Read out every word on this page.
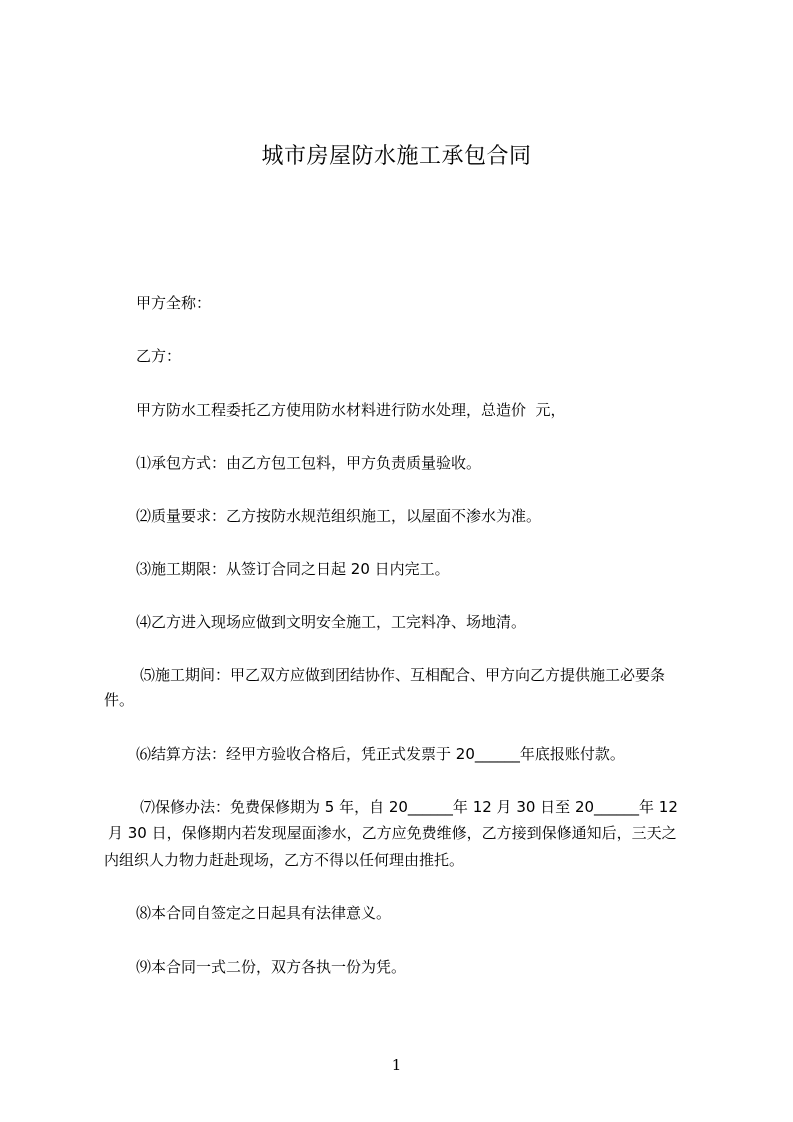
城市房屋防水施工承包合同
甲方全称：
乙方：
甲方防水工程委托乙方使用防水材料进行防水处理，总造价  元，
⑴承包方式：由乙方包工包料，甲方负责质量验收。
⑵质量要求：乙方按防水规范组织施工，以屋面不渗水为准。
⑶施工期限：从签订合同之日起 20 日内完工。
⑷乙方进入现场应做到文明安全施工，工完料净、场地清。
⑸施工期间：甲乙双方应做到团结协作、互相配合、甲方向乙方提供施工必要条
件。
⑹结算方法：经甲方验收合格后，凭正式发票于 20______年底报账付款。
⑺保修办法：免费保修期为 5 年，自 20______年 12 月 30 日至 20______年 12
月 30 日，保修期内若发现屋面渗水，乙方应免费维修，乙方接到保修通知后，三天之
内组织人力物力赶赴现场，乙方不得以任何理由推托。
⑻本合同自签定之日起具有法律意义。
⑼本合同一式二份，双方各执一份为凭。
1
